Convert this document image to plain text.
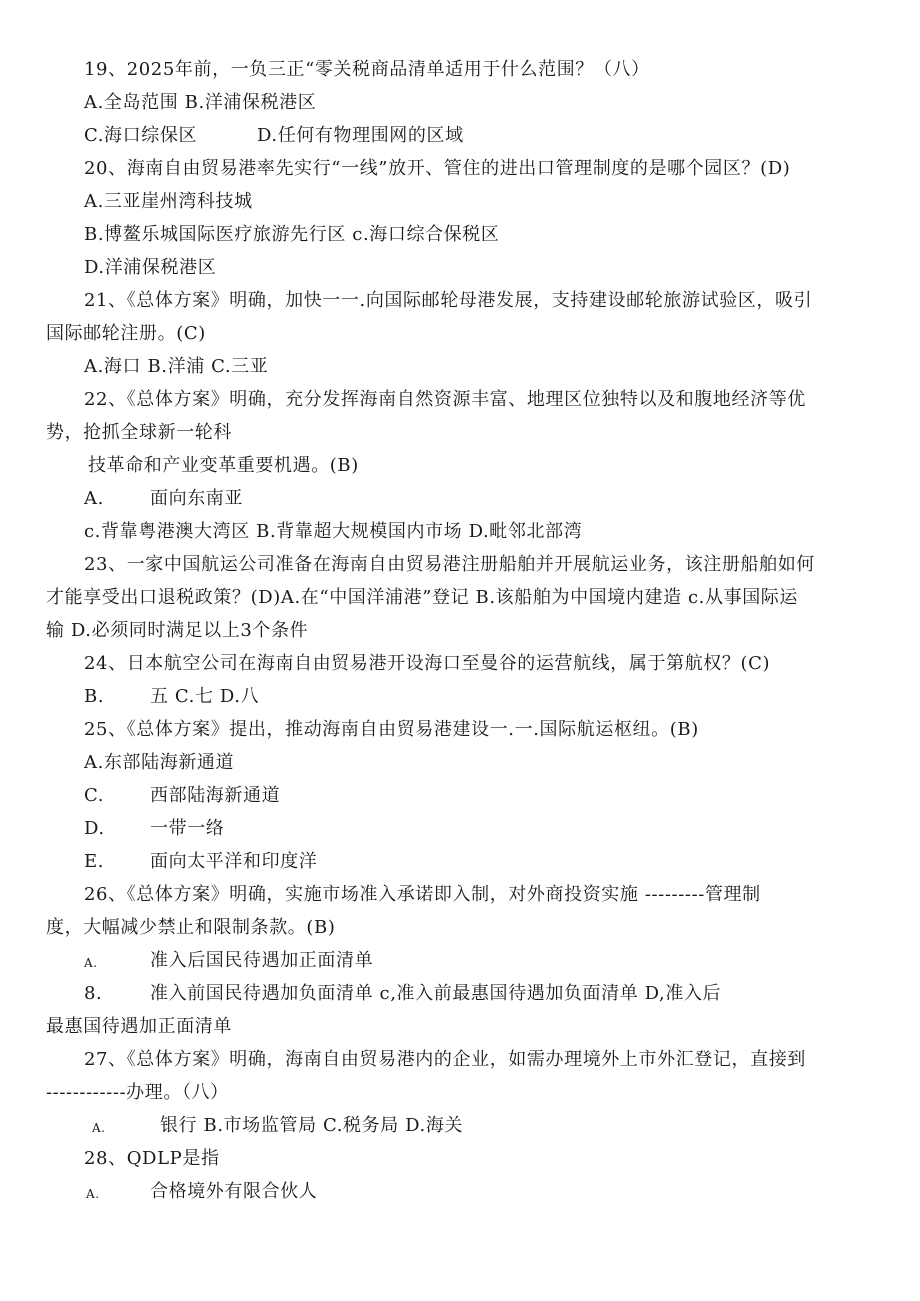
19、2025年前，一负三正“零关税商品清单适用于什么范围？（八）
A.全岛范围 B.洋浦保税港区
C.海口综保区	D.任何有物理围网的区域
20、海南自由贸易港率先实行“一线”放开、管住的进出口管理制度的是哪个园区？(D)
A.三亚崖州湾科技城
B.博鳌乐城国际医疗旅游先行区 c.海口综合保税区
D.洋浦保税港区
21、《总体方案》明确，加快一一.向国际邮轮母港发展，支持建设邮轮旅游试验区，吸引
国际邮轮注册。(C)
A.海口 B.洋浦 C.三亚
22、《总体方案》明确，充分发挥海南自然资源丰富、地理区位独特以及和腹地经济等优
势，抢抓全球新一轮科
技革命和产业变革重要机遇。(B)
A.	面向东南亚
c.背靠粤港澳大湾区 B.背靠超大规模国内市场 D.毗邻北部湾
23、一家中国航运公司准备在海南自由贸易港注册船舶并开展航运业务，该注册船舶如何
才能享受出口退税政策？(D)A.在“中国洋浦港”登记 B.该船舶为中国境内建造 c.从事国际运
输 D.必须同时满足以上3个条件
24、日本航空公司在海南自由贸易港开设海口至曼谷的运营航线，属于第航权？(C)
B.	五 C.七 D.八
25、《总体方案》提出，推动海南自由贸易港建设一.一.国际航运枢纽。(B)
A.东部陆海新通道
C.	西部陆海新通道
D.	一带一络
E.	面向太平洋和印度洋
26、《总体方案》明确，实施市场准入承诺即入制，对外商投资实施 ---------管理制
度，大幅减少禁止和限制条款。(B)
A.	准入后国民待遇加正面清单
8.	准入前国民待遇加负面清单 c,准入前最惠国待遇加负面清单 D,准入后
最惠国待遇加正面清单
27、《总体方案》明确，海南自由贸易港内的企业，如需办理境外上市外汇登记，直接到
------------办理。（八）
A.	银行 B.市场监管局 C.税务局 D.海关
28、QDLP是指
A.	合格境外有限合伙人
